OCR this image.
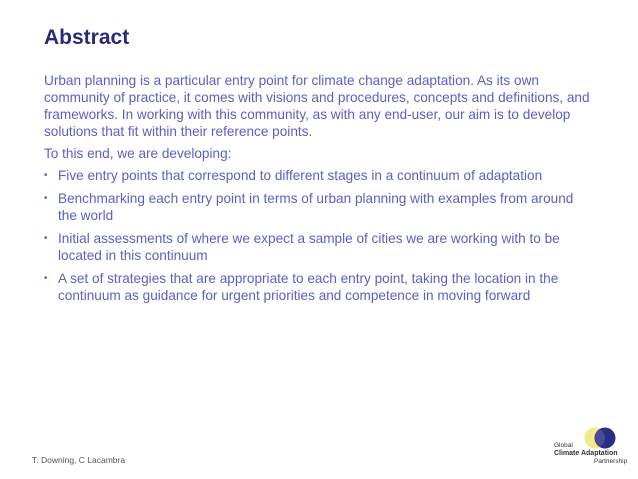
Abstract

Urban planning is a particular entry point for climate change adaptation. As its own community of practice, it comes with visions and procedures, concepts and definitions, and frameworks. In working with this community, as with any end-user, our aim is to develop solutions that fit within their reference points.

To this end, we are developing:

• Five entry points that correspond to different stages in a continuum of adaptation
• Benchmarking each entry point in terms of urban planning with examples from around the world
• Initial assessments of where we expect a sample of cities we are working with to be located in this continuum
• A set of strategies that are appropriate to each entry point, taking the location in the continuum as guidance for urgent priorities and competence in moving forward
T. Downing, C Lacambra
Global
Climate Adaptation
Partnership
